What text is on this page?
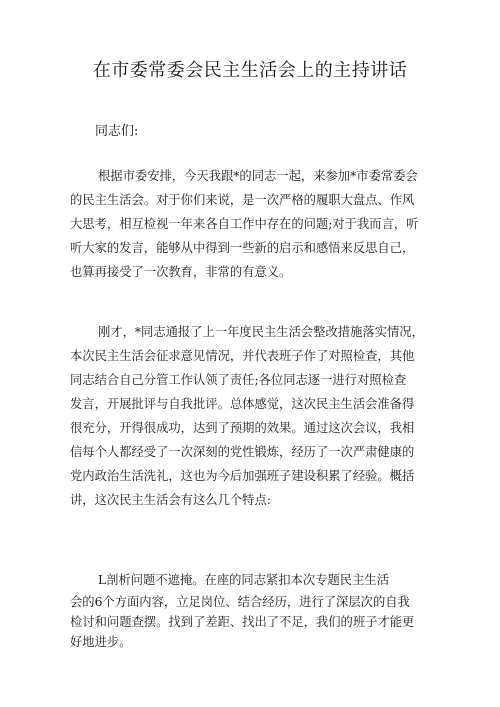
在市委常委会民主生活会上的主持讲话
同志们:
根据市委安排，今天我跟*的同志一起，来参加*市委常委会
的民主生活会。对于你们来说，是一次严格的履职大盘点、作风
大思考，相互检视一年来各自工作中存在的问题;对于我而言，听
听大家的发言，能够从中得到一些新的启示和感悟来反思自己，
也算再接受了一次教育，非常的有意义。
刚才，*同志通报了上一年度民主生活会整改措施落实情况，
本次民主生活会征求意见情况，并代表班子作了对照检查，其他
同志结合自己分管工作认领了责任;各位同志逐一进行对照检查
发言，开展批评与自我批评。总体感觉，这次民主生活会准备得
很充分，开得很成功，达到了预期的效果。通过这次会议，我相
信每个人都经受了一次深刻的党性锻炼，经历了一次严肃健康的
党内政治生活洗礼，这也为今后加强班子建设积累了经验。概括
讲，这次民主生活会有这么几个特点:
L剖析问题不遮掩。在座的同志紧扣本次专题民主生活
会的6个方面内容，立足岗位、结合经历，进行了深层次的自我
检讨和问题查摆。找到了差距、找出了不足，我们的班子才能更
好地进步。
